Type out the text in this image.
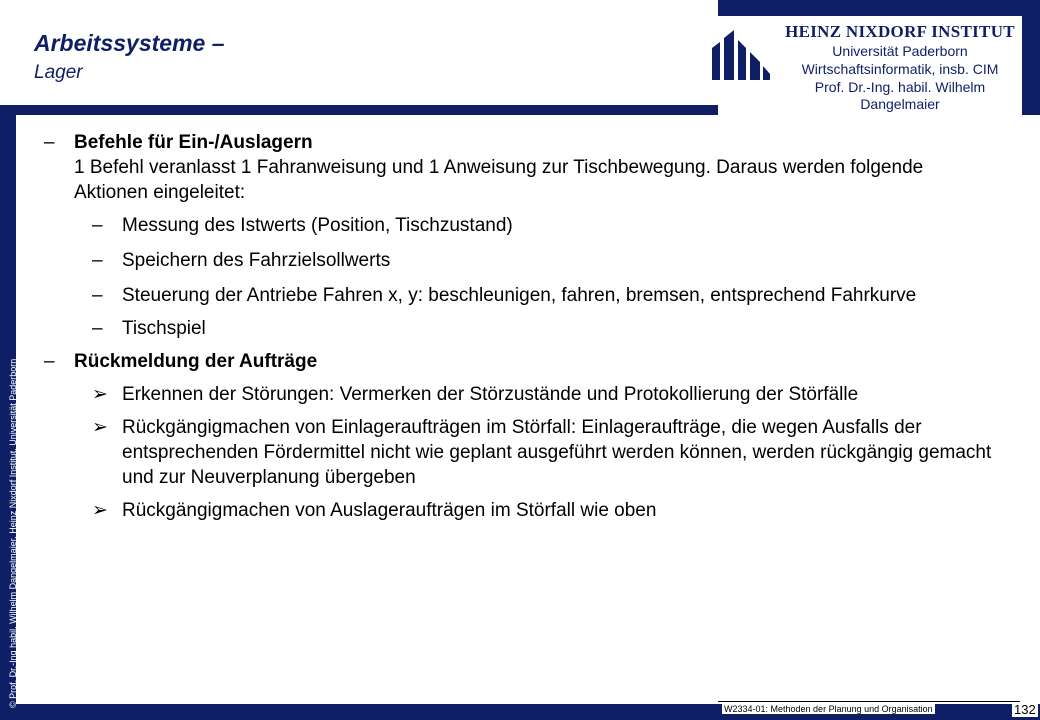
Arbeitssysteme –
Lager
HEINZ NIXDORF INSTITUT
Universität Paderborn
Wirtschaftsinformatik, insb. CIM
Prof. Dr.-Ing. habil. Wilhelm Dangelmaier
© Prof. Dr.-Ing habil. Wilhelm Dangelmaier, Heinz Nixdorf Institut, Universität Paderborn
– Befehle für Ein-/Auslagern
1 Befehl veranlasst 1 Fahranweisung und 1 Anweisung zur Tischbewegung. Daraus werden folgende Aktionen eingeleitet:
– Messung des Istwerts (Position, Tischzustand)
– Speichern des Fahrzielsollwerts
– Steuerung der Antriebe Fahren x, y: beschleunigen, fahren, bremsen, entsprechend Fahrkurve
– Tischspiel
– Rückmeldung der Aufträge
➢ Erkennen der Störungen: Vermerken der Störzustände und Protokollierung der Störfälle
➢ Rückgängigmachen von Einlageraufträgen im Störfall: Einlageraufträge, die wegen Ausfalls der entsprechenden Fördermittel nicht wie geplant ausgeführt werden können, werden rückgängig gemacht und zur Neuverplanung übergeben
➢ Rückgängigmachen von Auslageraufträgen im Störfall wie oben
W2334-01: Methoden der Planung und Organisation	132
